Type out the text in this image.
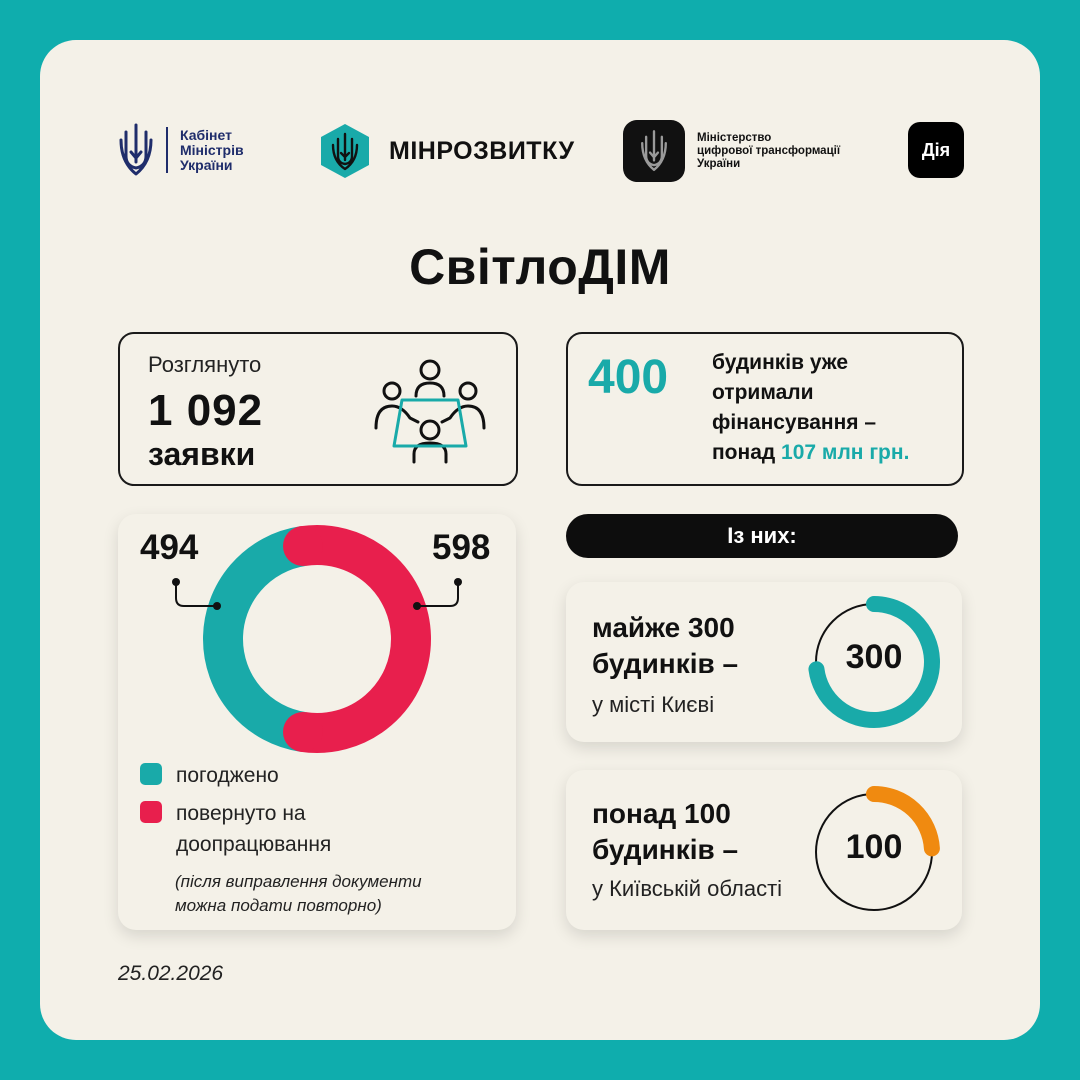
Кабінет
Міністрів
України	МІНРОЗВИТКУ	Міністерство
цифрової трансформації
України
Дія
СвітлоДІМ
Розглянуто
1 092
заявки
400 будинків уже
отримали
фінансування –
понад 107 млн грн.
494	598
погоджено
повернуто на
доопрацювання
(після виправлення документи
можна подати повторно)
Із них:
майже 300
будинків –
у місті Києві
300
понад 100
будинків –
у Київській області
100
25.02.2026
